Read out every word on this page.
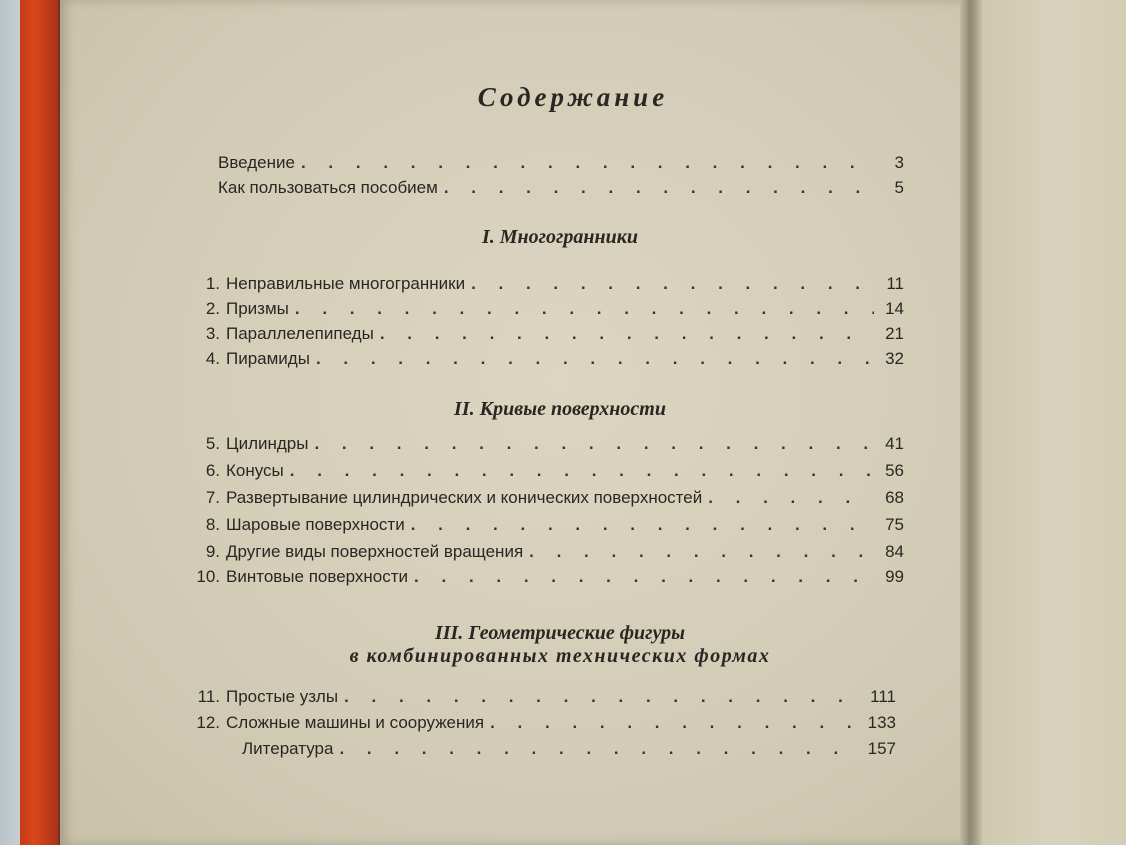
Содержание
Введение . . .	3
Как пользоваться пособием . . .	5
I. Многогранники
1. Неправильные многогранники . . .	11
2. Призмы . . .	14
3. Параллелепипеды . . .	21
4. Пирамиды . . .	32
II. Кривые поверхности
5. Цилиндры . . .	41
6. Конусы . . .	56
7. Развертывание цилиндрических и конических поверхностей . . .	68
8. Шаровые поверхности . . .	75
9. Другие виды поверхностей вращения . . .	84
10. Винтовые поверхности . . .	99
III. Геометрические фигуры
в комбинированных технических формах
11. Простые узлы . . .	111
12. Сложные машины и сооружения . . .	133
Литература . . .	157
